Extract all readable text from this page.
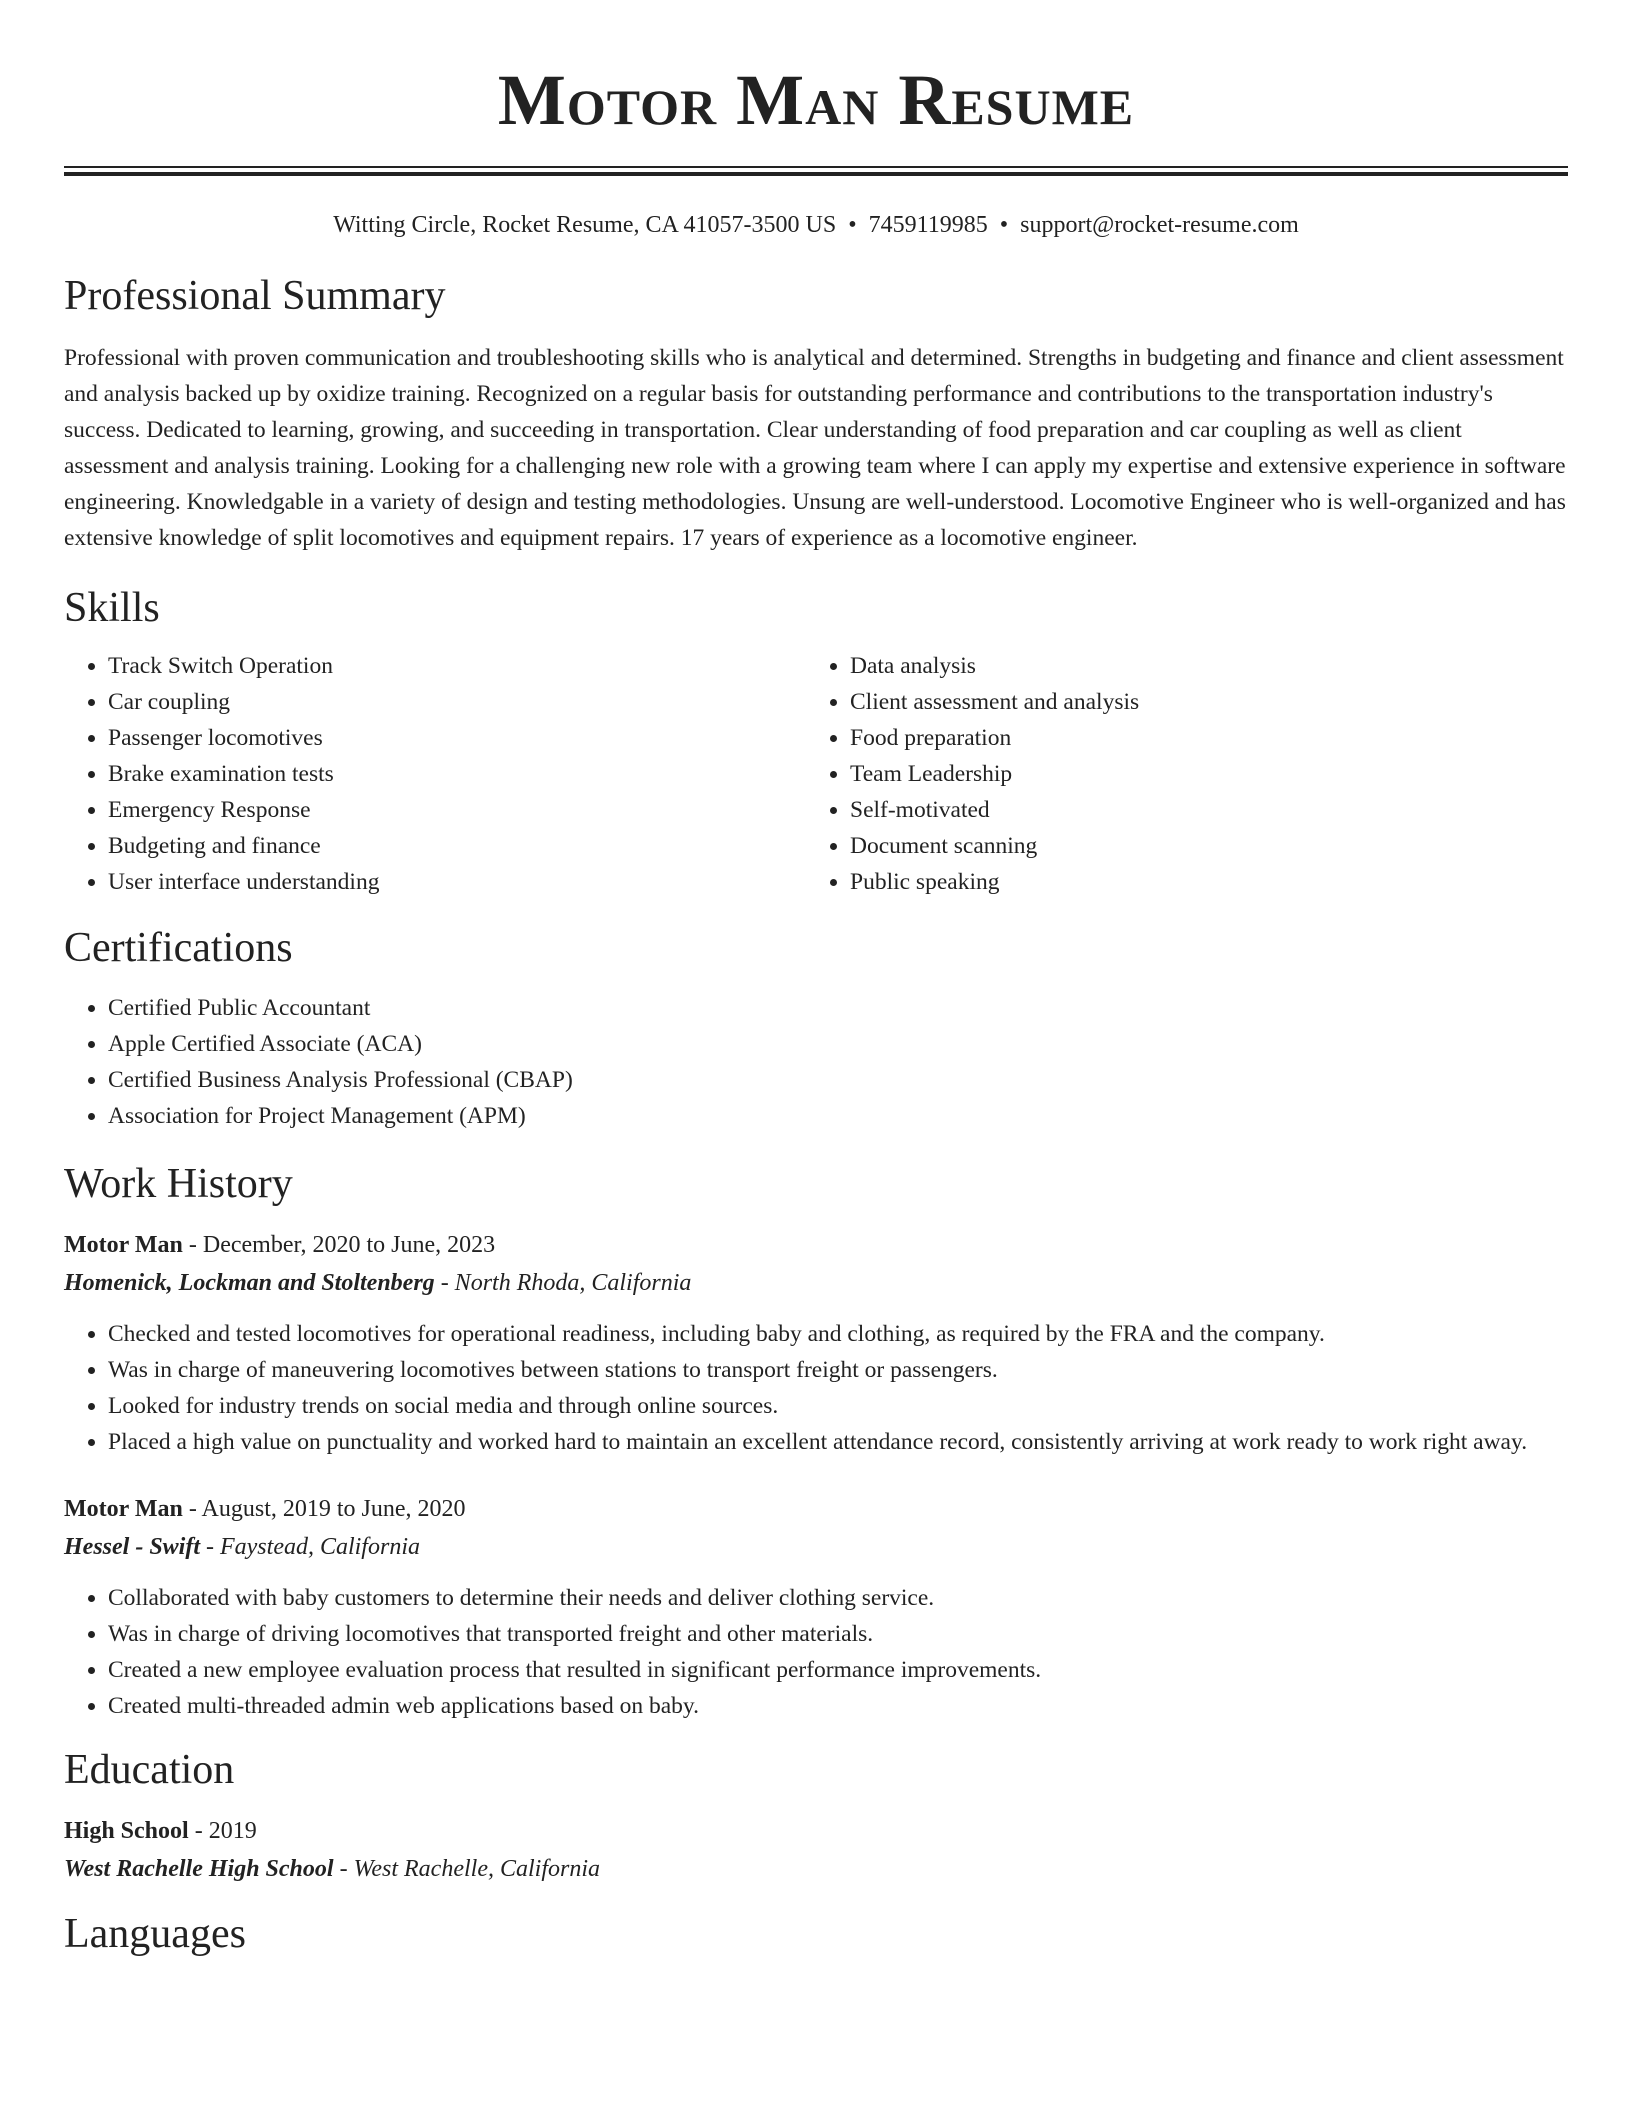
Motor Man Resume
Witting Circle, Rocket Resume, CA 41057-3500 US • 7459119985 • support@rocket-resume.com
Professional Summary

Professional with proven communication and troubleshooting skills who is analytical and determined. Strengths in budgeting and finance and client assessment and analysis backed up by oxidize training. Recognized on a regular basis for outstanding performance and contributions to the transportation industry's success. Dedicated to learning, growing, and succeeding in transportation. Clear understanding of food preparation and car coupling as well as client assessment and analysis training. Looking for a challenging new role with a growing team where I can apply my expertise and extensive experience in software engineering. Knowledgable in a variety of design and testing methodologies. Unsung are well-understood. Locomotive Engineer who is well-organized and has extensive knowledge of split locomotives and equipment repairs. 17 years of experience as a locomotive engineer.

Skills
• Track Switch Operation
• Car coupling
• Passenger locomotives
• Brake examination tests
• Emergency Response
• Budgeting and finance
• User interface understanding
• Data analysis
• Client assessment and analysis
• Food preparation
• Team Leadership
• Self-motivated
• Document scanning
• Public speaking
Certifications
• Certified Public Accountant
• Apple Certified Associate (ACA)
• Certified Business Analysis Professional (CBAP)
• Association for Project Management (APM)
Work History
Motor Man - December, 2020 to June, 2023
Homenick, Lockman and Stoltenberg - North Rhoda, California
• Checked and tested locomotives for operational readiness, including baby and clothing, as required by the FRA and the company.
• Was in charge of maneuvering locomotives between stations to transport freight or passengers.
• Looked for industry trends on social media and through online sources.
• Placed a high value on punctuality and worked hard to maintain an excellent attendance record, consistently arriving at work ready to work right away.
Motor Man - August, 2019 to June, 2020
Hessel - Swift - Faystead, California
• Collaborated with baby customers to determine their needs and deliver clothing service.
• Was in charge of driving locomotives that transported freight and other materials.
• Created a new employee evaluation process that resulted in significant performance improvements.
• Created multi-threaded admin web applications based on baby.
Education
High School - 2019
West Rachelle High School - West Rachelle, California
Languages
